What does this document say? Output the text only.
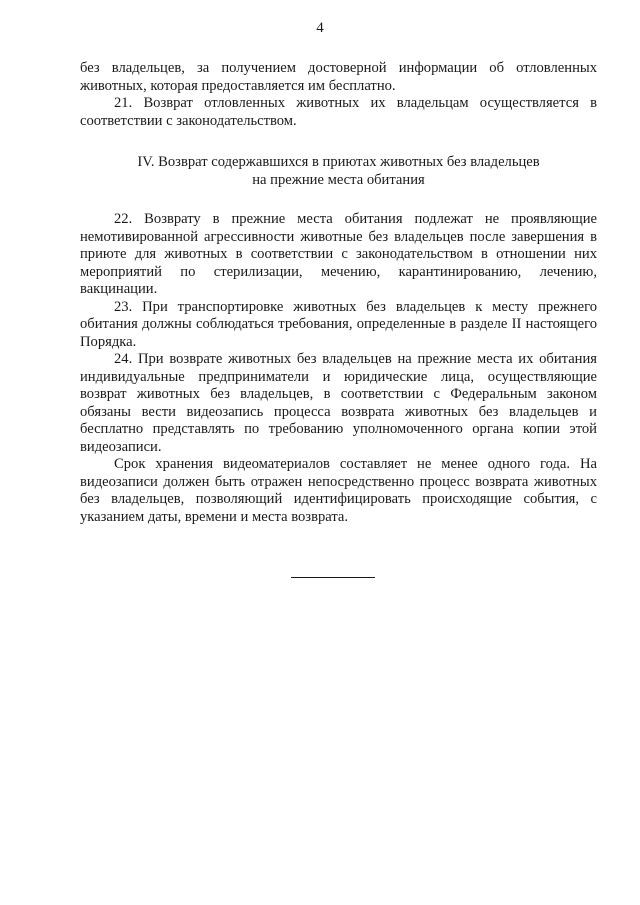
4

без владельцев, за получением достоверной информации об отловленных животных, которая предоставляется им бесплатно.

21. Возврат отловленных животных их владельцам осуществляется в соответствии с законодательством.

IV. Возврат содержавшихся в приютах животных без владельцев
на прежние места обитания

22. Возврату в прежние места обитания подлежат не проявляющие немотивированной агрессивности животные без владельцев после завершения в приюте для животных в соответствии с законодательством в отношении них мероприятий по стерилизации, мечению, карантинированию, лечению, вакцинации.

23. При транспортировке животных без владельцев к месту прежнего обитания должны соблюдаться требования, определенные в разделе II настоящего Порядка.

24. При возврате животных без владельцев на прежние места их обитания индивидуальные предприниматели и юридические лица, осуществляющие возврат животных без владельцев, в соответствии с Федеральным законом обязаны вести видеозапись процесса возврата животных без владельцев и бесплатно представлять по требованию уполномоченного органа копии этой видеозаписи.

Срок хранения видеоматериалов составляет не менее одного года. На видеозаписи должен быть отражен непосредственно процесс возврата животных без владельцев, позволяющий идентифицировать происходящие события, с указанием даты, времени и места возврата.
